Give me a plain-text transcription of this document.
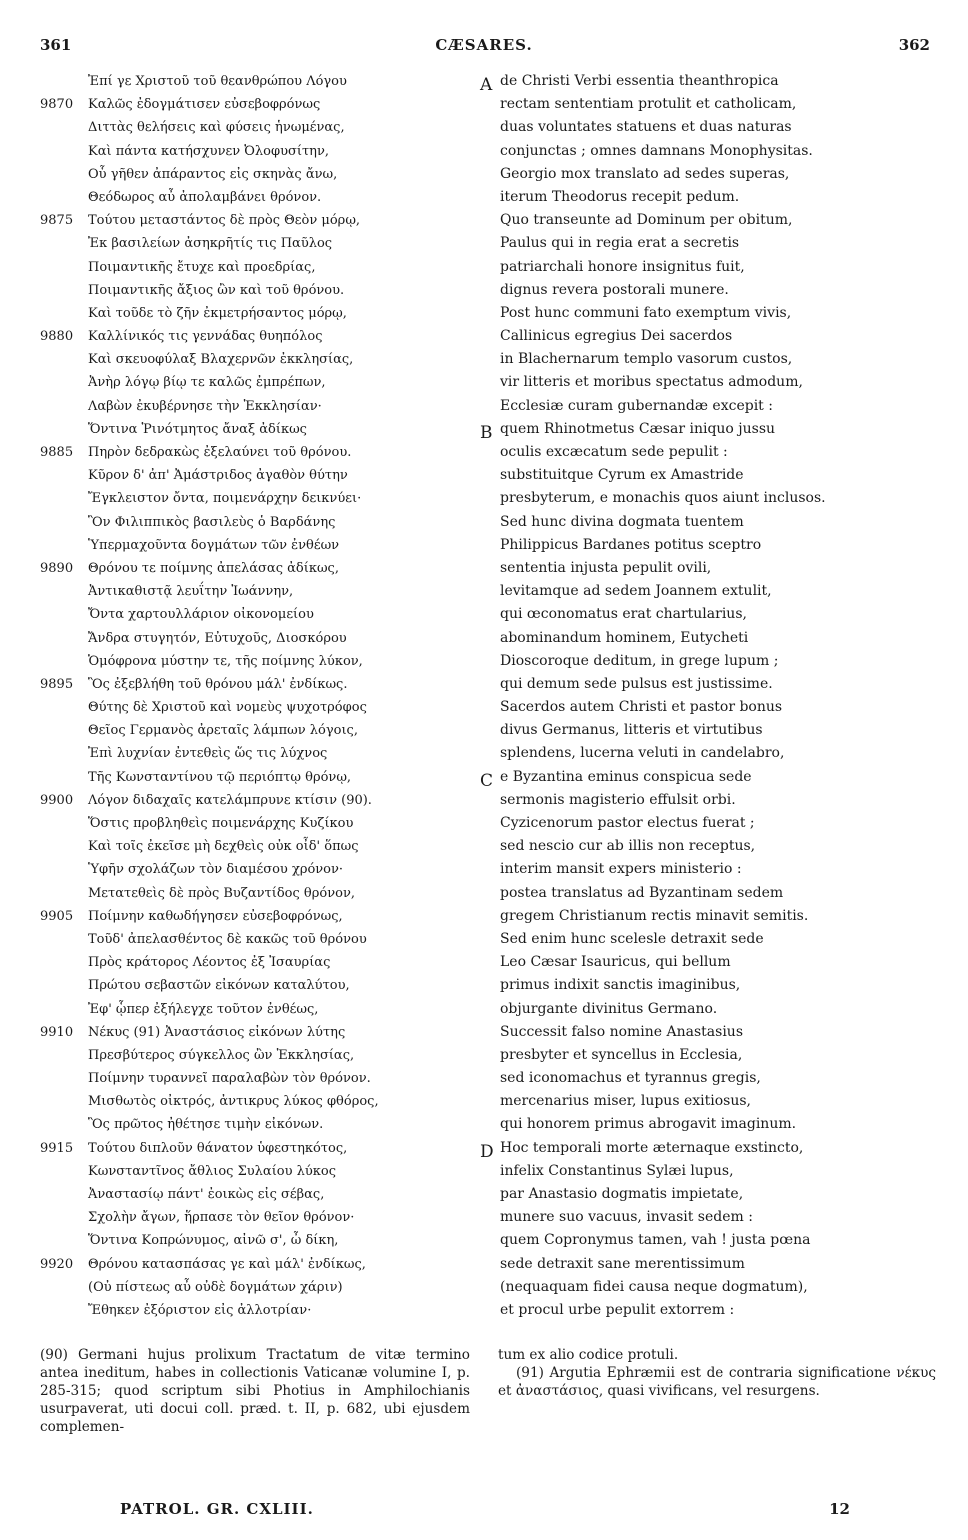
361	CÆSARES.	362
Ἐπί γε Χριστοῦ τοῦ θεανθρώπου Λόγου
9870 Καλῶς ἐδογμάτισεν εὐσεβοφρόνως
Διττὰς θελήσεις καὶ φύσεις ἡνωμένας,
Καὶ πάντα κατήσχυνεν Ὀλοφυσίτην,
Οὗ γῆθεν ἀπάραντος εἰς σκηνὰς ἄνω,
Θεόδωρος αὖ ἀπολαμβάνει θρόνον.
9875 Τούτου μεταστάντος δὲ πρὸς Θεὸν μόρῳ,
Ἐκ βασιλείων ἀσηκρῆτίς τις Παῦλος
Ποιμαντικῆς ἔτυχε καὶ προεδρίας,
Ποιμαντικῆς ἄξιος ὢν καὶ τοῦ θρόνου.
Καὶ τοῦδε τὸ ζῆν ἐκμετρήσαντος μόρῳ,
9880 Καλλίνικός τις γεννάδας θυηπόλος
Καὶ σκευοφύλαξ Βλαχερνῶν ἐκκλησίας,
Ἀνὴρ λόγῳ βίῳ τε καλῶς ἐμπρέπων,
Λαβὼν ἐκυβέρνησε τὴν Ἐκκλησίαν·
Ὅντινα Ῥινότμητος ἄναξ ἀδίκως
9885 Πηρὸν δεδρακὼς ἐξελαύνει τοῦ θρόνου.
Κῦρον δ' ἀπ' Ἀμάστριδος ἀγαθὸν θύτην
Ἔγκλειστον ὄντα, ποιμενάρχην δεικνύει·
Ὃν Φιλιππικὸς βασιλεὺς ὁ Βαρδάνης
Ὑπερμαχοῦντα δογμάτων τῶν ἐνθέων
9890 Θρόνου τε ποίμνης ἀπελάσας ἀδίκως,
Ἀντικαθιστᾷ λευΐτην Ἰωάννην,
Ὄντα χαρτουλλάριον οἰκονομείου
Ἄνδρα στυγητόν, Εὐτυχοῦς, Διοσκόρου
Ὁμόφρονα μύστην τε, τῆς ποίμνης λύκον,
9895 Ὃς ἐξεβλήθη τοῦ θρόνου μάλ' ἐνδίκως.
Θύτης δὲ Χριστοῦ καὶ νομεὺς ψυχοτρόφος
Θεῖος Γερμανὸς ἀρεταῖς λάμπων λόγοις,
Ἐπὶ λυχνίαν ἐντεθεὶς ὥς τις λύχνος
Τῆς Κωνσταντίνου τῷ περιόπτῳ θρόνῳ,
9900 Λόγον διδαχαῖς κατελάμπρυνε κτίσιν (90).
Ὅστις προβληθεὶς ποιμενάρχης Κυζίκου
Καὶ τοῖς ἐκεῖσε μὴ δεχθεὶς οὐκ οἶδ' ὅπως
Ὑφῆν σχολάζων τὸν διαμέσου χρόνον·
Μετατεθεὶς δὲ πρὸς Βυζαντίδος θρόνον,
9905 Ποίμνην καθωδήγησεν εὐσεβοφρόνως,
Τοῦδ' ἀπελασθέντος δὲ κακῶς τοῦ θρόνου
Πρὸς κράτορος Λέοντος ἐξ Ἰσαυρίας
Πρώτου σεβαστῶν εἰκόνων καταλύτου,
Ἐφ' ᾧπερ ἐξήλεγχε τοῦτον ἐνθέως,
9910 Νέκυς (91) Ἀναστάσιος εἰκόνων λύτης
Πρεσβύτερος σύγκελλος ὢν Ἐκκλησίας,
Ποίμνην τυραννεῖ παραλαβὼν τὸν θρόνον.
Μισθωτὸς οἰκτρός, ἀντικρυς λύκος φθόρος,
Ὃς πρῶτος ἠθέτησε τιμὴν εἰκόνων.
9915 Τούτου διπλοῦν θάνατον ὑφεστηκότος,
Κωνσταντῖνος ἄθλιος Συλαίου λύκος
Ἀναστασίῳ πάντ' ἐοικὼς εἰς σέβας,
Σχολὴν ἄγων, ἥρπασε τὸν θεῖον θρόνον·
Ὅντινα Κοπρώνυμος, αἰνῶ σ', ὦ δίκη,
9920 Θρόνου κατασπάσας γε καὶ μάλ' ἐνδίκως,
(Οὐ πίστεως αὖ οὐδὲ δογμάτων χάριν)
Ἔθηκεν ἐξόριστον εἰς ἀλλοτρίαν·
A de Christi Verbi essentia theanthropica
rectam sententiam protulit et catholicam,
duas voluntates statuens et duas naturas
conjunctas ; omnes damnans Monophysitas.
Georgio mox translato ad sedes superas,
iterum Theodorus recepit pedum.
Quo transeunte ad Dominum per obitum,
Paulus qui in regia erat a secretis
patriarchali honore insignitus fuit,
dignus revera postorali munere.
Post hunc communi fato exemptum vivis,
Callinicus egregius Dei sacerdos
in Blachernarum templo vasorum custos,
vir litteris et moribus spectatus admodum,
Ecclesiæ curam gubernandæ excepit :
B quem Rhinotmetus Cæsar iniquo jussu
oculis excæcatum sede pepulit :
substituitque Cyrum ex Amastride
presbyterum, e monachis quos aiunt inclusos.
Sed hunc divina dogmata tuentem
Philippicus Bardanes potitus sceptro
sententia injusta pepulit ovili,
levitamque ad sedem Joannem extulit,
qui œconomatus erat chartularius,
abominandum hominem, Eutycheti
Dioscoroque deditum, in grege lupum ;
qui demum sede pulsus est justissime.
Sacerdos autem Christi et pastor bonus
divus Germanus, litteris et virtutibus
splendens, lucerna veluti in candelabro,
C e Byzantina eminus conspicua sede
sermonis magisterio effulsit orbi.
Cyzicenorum pastor electus fuerat ;
sed nescio cur ab illis non receptus,
interim mansit expers ministerio :
postea translatus ad Byzantinam sedem
gregem Christianum rectis minavit semitis.
Sed enim hunc scelesle detraxit sede
Leo Cæsar Isauricus, qui bellum
primus indixit sanctis imaginibus,
objurgante divinitus Germano.
Successit falso nomine Anastasius
presbyter et syncellus in Ecclesia,
sed iconomachus et tyrannus gregis,
mercenarius miser, lupus exitiosus,
qui honorem primus abrogavit imaginum.
D Hoc temporali morte æternaque exstincto,
infelix Constantinus Sylæi lupus,
par Anastasio dogmatis impietate,
munere suo vacuus, invasit sedem :
quem Copronymus tamen, vah ! justa pœna
sede detraxit sane merentissimum
(nequaquam fidei causa neque dogmatum),
et procul urbe pepulit extorrem :
(90) Germani hujus prolixum Tractatum de vitæ termino antea ineditum, habes in collectionis Vaticanæ volumine I, p. 285-315; quod scriptum sibi Photius in Amphilochianis usurpaverat, uti docui coll. præd. t. II, p. 682, ubi ejusdem complemen-
tum ex alio codice protuli.
(91) Argutia Ephræmii est de contraria significatione νέκυς et ἀναστάσιος, quasi vivificans, vel resurgens.
PATROL. GR. CXLIII.	12
